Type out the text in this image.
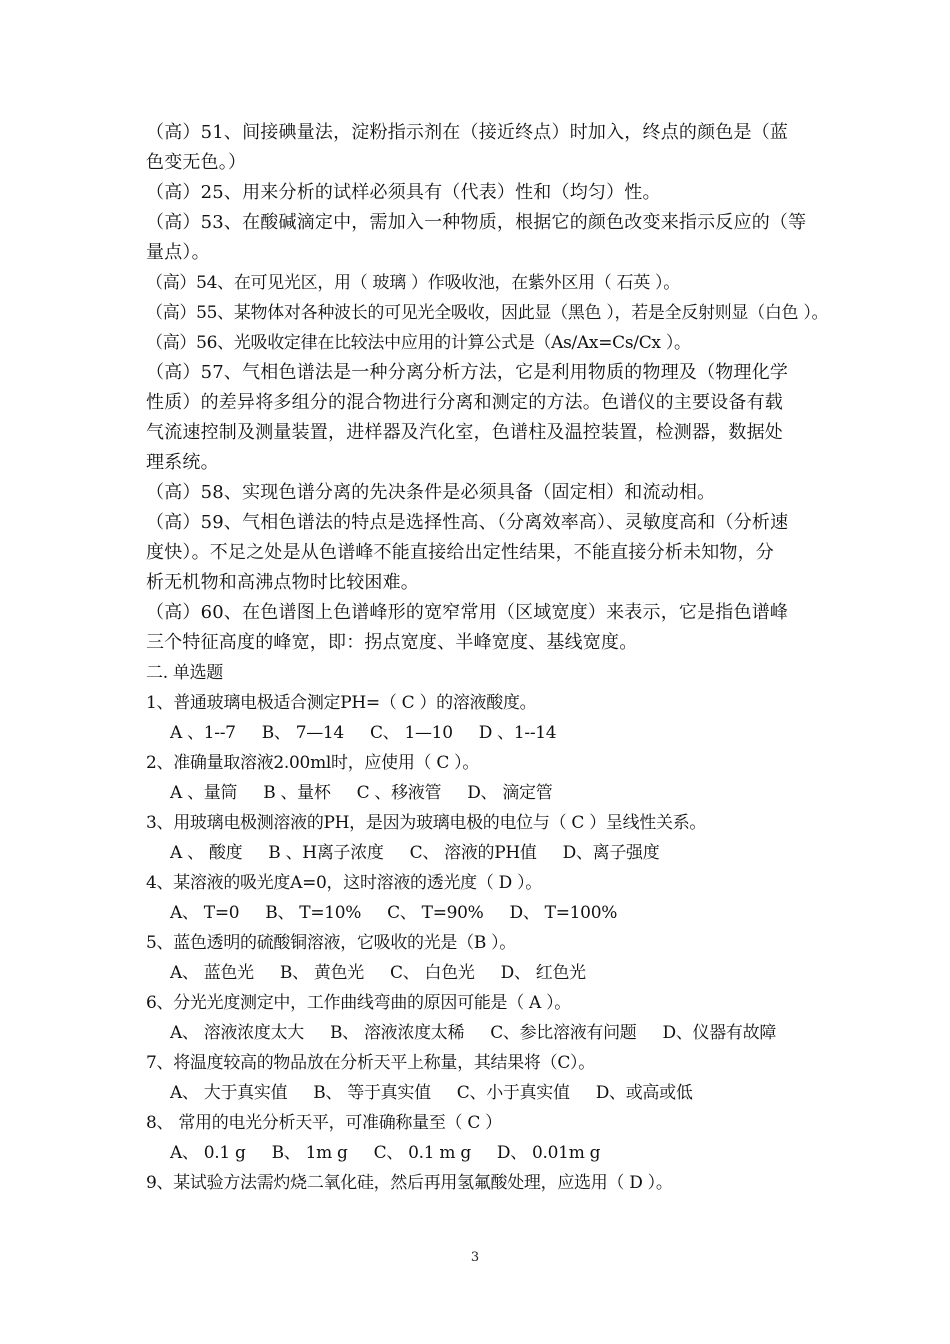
（高）51、间接碘量法，淀粉指示剂在（接近终点）时加入，终点的颜色是（蓝
色变无色。）
（高）25、用来分析的试样必须具有（代表）性和（均匀）性。
（高）53、在酸碱滴定中，需加入一种物质，根据它的颜色改变来指示反应的（等
量点）。
（高）54、在可见光区，用（ 玻璃 ）作吸收池，在紫外区用（ 石英 ）。
（高）55、某物体对各种波长的可见光全吸收，因此显（黑色 ），若是全反射则显（白色 ）。
（高）56、光吸收定律在比较法中应用的计算公式是（As/Ax=Cs/Cx ）。
（高）57、气相色谱法是一种分离分析方法，它是利用物质的物理及（物理化学
性质）的差异将多组分的混合物进行分离和测定的方法。色谱仪的主要设备有载
气流速控制及测量装置，进样器及汽化室，色谱柱及温控装置，检测器，数据处
理系统。
（高）58、实现色谱分离的先决条件是必须具备（固定相）和流动相。
（高）59、气相色谱法的特点是选择性高、（分离效率高）、灵敏度高和（分析速
度快）。不足之处是从色谱峰不能直接给出定性结果，不能直接分析未知物，分
析无机物和高沸点物时比较困难。
（高）60、在色谱图上色谱峰形的宽窄常用（区域宽度）来表示，它是指色谱峰
三个特征高度的峰宽，即：拐点宽度、半峰宽度、基线宽度。
二. 单选题
1、普通玻璃电极适合测定PH=（ C ）的溶液酸度。
A 、1--7 B、 7—14 C、 1—10 D 、1--14
2、准确量取溶液2.00ml时，应使用（ C ）。
A 、量筒 B 、量杯 C 、移液管 D、 滴定管
3、用玻璃电极测溶液的PH，是因为玻璃电极的电位与（ C ）呈线性关系。
A 、 酸度 B 、H离子浓度 C、 溶液的PH值 D、离子强度
4、某溶液的吸光度A=0，这时溶液的透光度（ D ）。
A、 T=0 B、 T=10% C、 T=90% D、 T=100%
5、蓝色透明的硫酸铜溶液，它吸收的光是（B ）。
A、 蓝色光 B、 黄色光 C、 白色光 D、 红色光
6、分光光度测定中，工作曲线弯曲的原因可能是（ A ）。
A、 溶液浓度太大 B、 溶液浓度太稀 C、参比溶液有问题 D、仪器有故障
7、将温度较高的物品放在分析天平上称量，其结果将（C）。
A、 大于真实值 B、 等于真实值 C、小于真实值 D、或高或低
8、 常用的电光分析天平，可准确称量至（ C ）
A、 0.1 g B、 1m g C、 0.1 m g D、 0.01m g
9、某试验方法需灼烧二氧化硅，然后再用氢氟酸处理，应选用（ D ）。
3
